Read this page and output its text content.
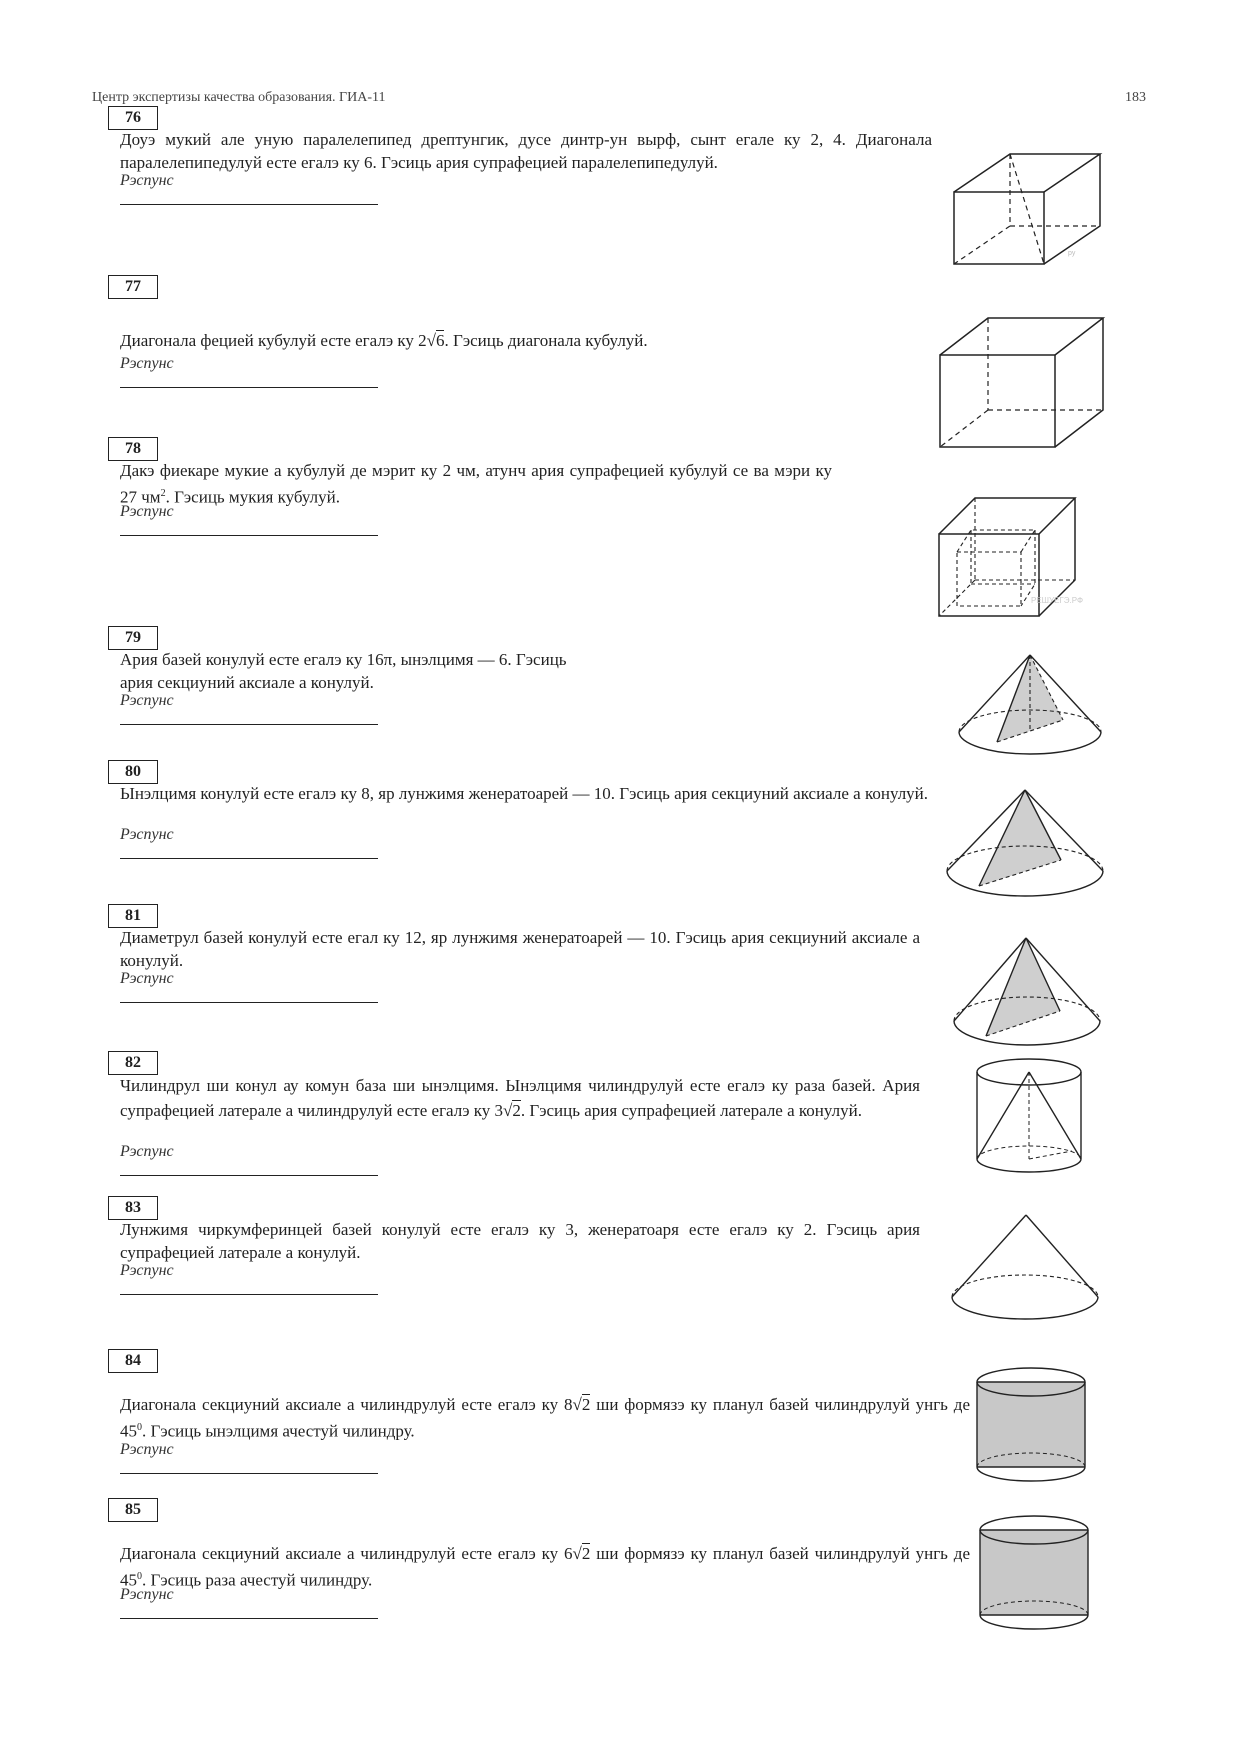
Центр экспертизы качества образования. ГИА-11	183
76
Доуэ мукий але уную паралелепипед дрептунгик, дусе динтр-ун вырф, сынт егале ку 2, 4. Диагонала паралелепипедулуй есте егалэ ку 6. Гэсиць ария супрафецией паралелепипедулуй.
Рэспунс
77
Диагонала фецией кубулуй есте егалэ ку 2√6. Гэсиць диагонала кубулуй.
Рэспунс
78
Дакэ фиекаре мукие а кубулуй де мэрит ку 2 чм, атунч ария супрафецией кубулуй се ва мэри ку 27 $чм^2$. Гэсиць мукия кубулуй.
Рэспунс
79
Ария базей конулуй есте егалэ ку 16π, ынэлцимя — 6. Гэсиць ария секциуний аксиале а конулуй.
Рэспунс
80
Ынэлцимя конулуй есте егалэ ку 8, яр лунжимя женератоарей — 10. Гэсиць ария секциуний аксиале а конулуй.
Рэспунс
81
Диаметрул базей конулуй есте егал ку 12, яр лунжимя женератоарей — 10. Гэсиць ария секциуний аксиале а конулуй.
Рэспунс
82
Чилиндрул ши конул ау комун база ши ынэлцимя. Ынэлцимя чилиндрулуй есте егалэ ку раза базей. Ария супрафецией латерале а чилиндрулуй есте егалэ ку 3√2. Гэсиць ария супрафецией латерале а конулуй.
Рэспунс
83
Лунжимя чиркумферинцей базей конулуй есте егалэ ку 3, женератоаря есте егалэ ку 2. Гэсиць ария супрафецией латерале а конулуй.
Рэспунс
84
Диагонала секциуний аксиале а чилиндрулуй есте егалэ ку 8√2 ши формязэ ку планул базей чилиндрулуй унгь де $45^0$. Гэсиць ынэлцимя ачестуй чилиндру.
Рэспунс
85
Диагонала секциуний аксиале а чилиндрулуй есте егалэ ку 6√2 ши формязэ ку планул базей чилиндрулуй унгь де $45^0$. Гэсиць раза ачестуй чилиндру.
Рэспунс
ру
РЕШУЕГЭ.РФ
